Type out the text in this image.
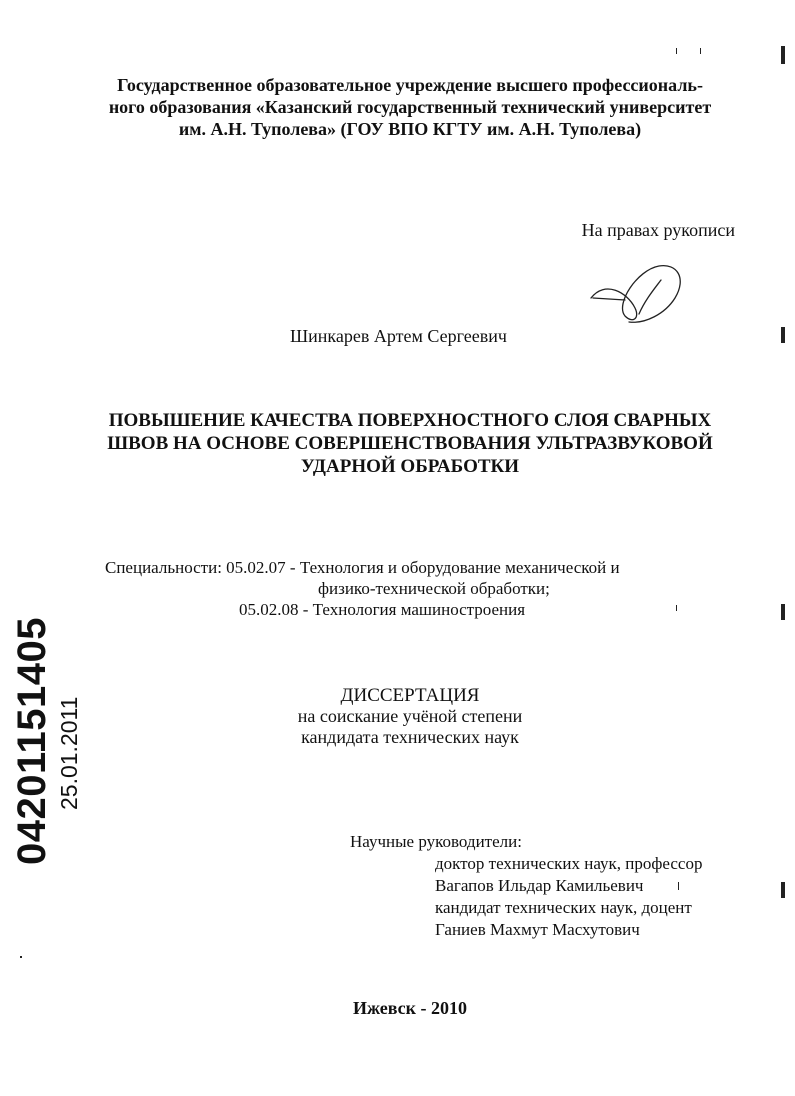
Государственное образовательное учреждение высшего профессиональ-
ного образования «Казанский государственный технический университет
им. А.Н. Туполева» (ГОУ ВПО КГТУ им. А.Н. Туполева)
На правах рукописи
Шинкарев Артем Сергеевич
ПОВЫШЕНИЕ КАЧЕСТВА ПОВЕРХНОСТНОГО СЛОЯ СВАРНЫХ
ШВОВ НА ОСНОВЕ СОВЕРШЕНСТВОВАНИЯ УЛЬТРАЗВУКОВОЙ
УДАРНОЙ ОБРАБОТКИ
Специальности: 05.02.07 - Технология и оборудование механической и
физико-технической обработки;
05.02.08 - Технология машиностроения
ДИССЕРТАЦИЯ
на соискание учёной степени
кандидата технических наук
Научные руководители:
доктор технических наук, профессор
Вагапов Ильдар Камильевич
кандидат технических наук, доцент
Ганиев Махмут Масхутович
Ижевск - 2010
04201151405 25.01.2011
